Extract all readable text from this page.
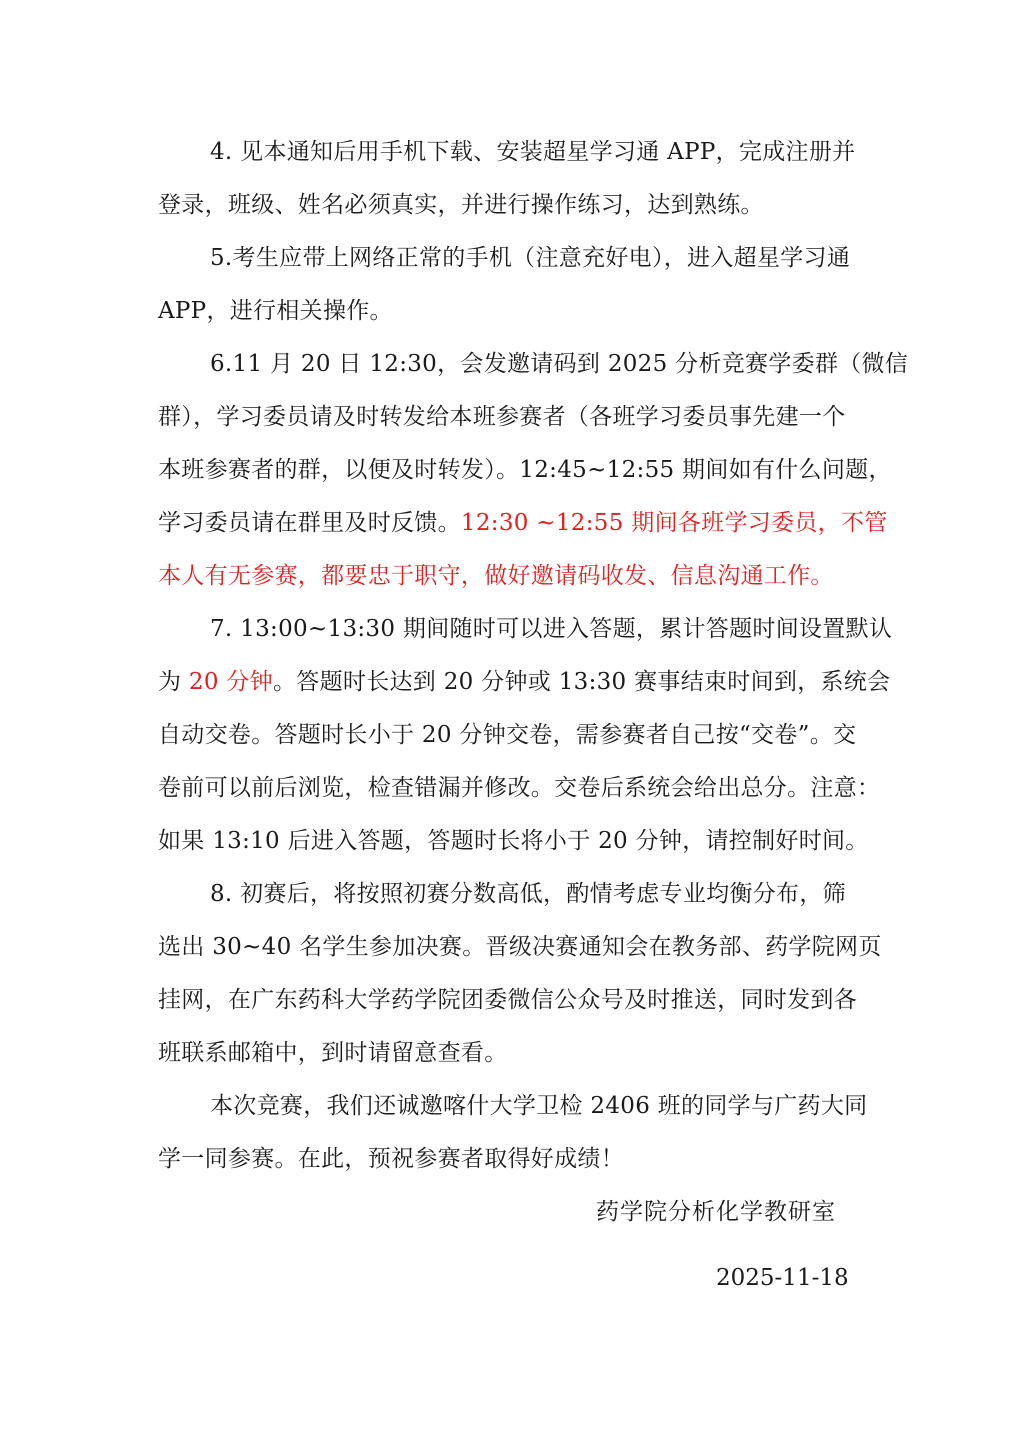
4. 见本通知后用手机下载、安装超星学习通 APP，完成注册并
登录，班级、姓名必须真实，并进行操作练习，达到熟练。
5.考生应带上网络正常的手机（注意充好电），进入超星学习通
APP，进行相关操作。
6.11 月 20 日 12:30，会发邀请码到 2025 分析竞赛学委群（微信
群），学习委员请及时转发给本班参赛者（各班学习委员事先建一个
本班参赛者的群，以便及时转发）。12:45~12:55 期间如有什么问题，
学习委员请在群里及时反馈。12:30 ~12:55 期间各班学习委员，不管
本人有无参赛，都要忠于职守，做好邀请码收发、信息沟通工作。
7. 13:00~13:30 期间随时可以进入答题，累计答题时间设置默认
为 20 分钟。答题时长达到 20 分钟或 13:30 赛事结束时间到，系统会
自动交卷。答题时长小于 20 分钟交卷，需参赛者自己按“交卷”。交
卷前可以前后浏览，检查错漏并修改。交卷后系统会给出总分。注意：
如果 13:10 后进入答题，答题时长将小于 20 分钟，请控制好时间。
8. 初赛后，将按照初赛分数高低，酌情考虑专业均衡分布，筛
选出 30~40 名学生参加决赛。晋级决赛通知会在教务部、药学院网页
挂网，在广东药科大学药学院团委微信公众号及时推送，同时发到各
班联系邮箱中，到时请留意查看。
本次竞赛，我们还诚邀喀什大学卫检 2406 班的同学与广药大同
学一同参赛。在此，预祝参赛者取得好成绩！
药学院分析化学教研室
2025-11-18
